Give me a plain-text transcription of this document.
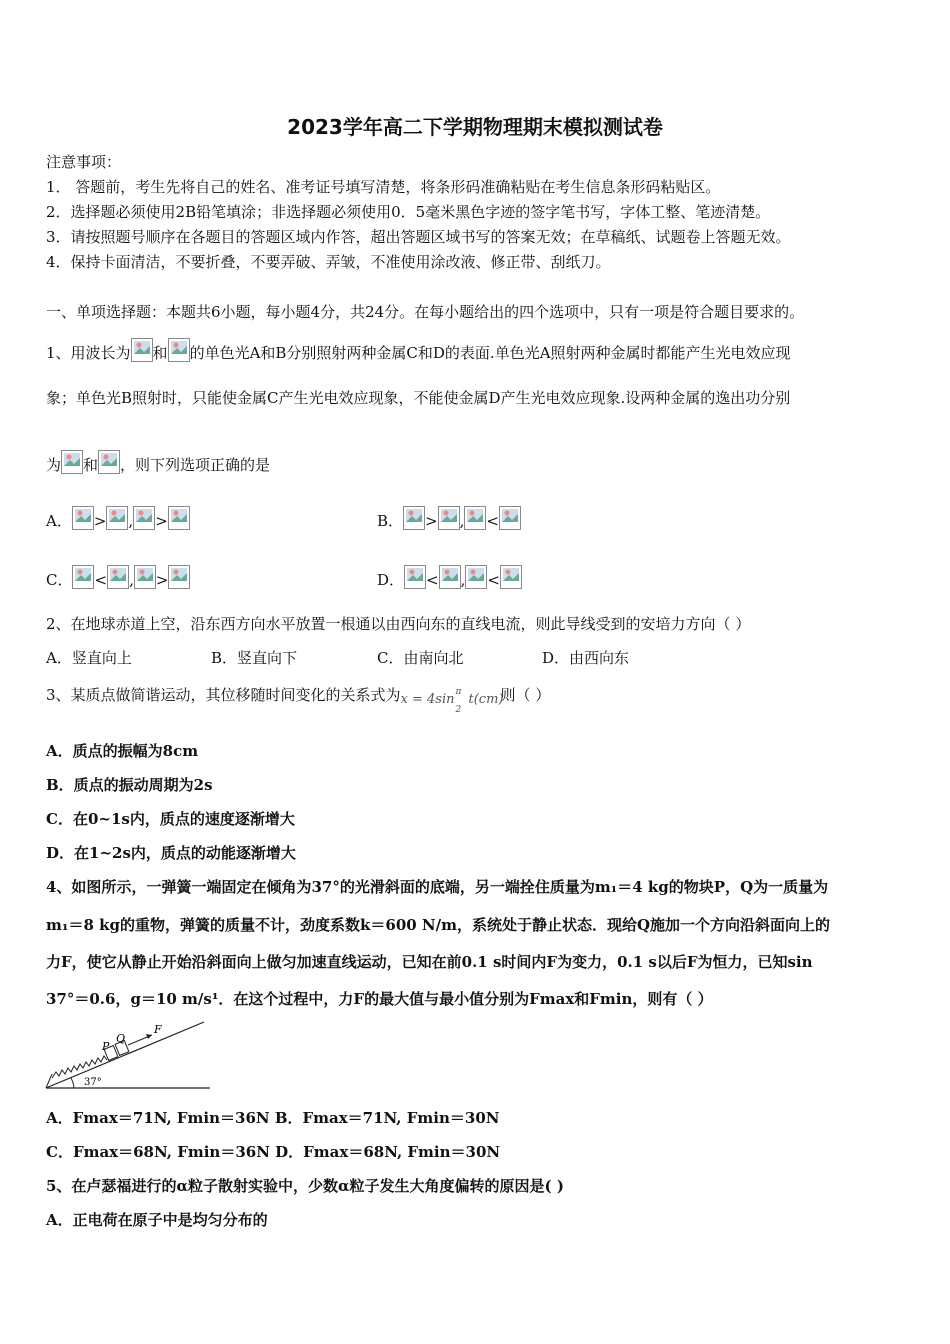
2023学年高二下学期物理期末模拟测试卷
注意事项：
1． 答题前，考生先将自己的姓名、准考证号填写清楚，将条形码准确粘贴在考生信息条形码粘贴区。
2．选择题必须使用2B铅笔填涂；非选择题必须使用0．5毫米黑色字迹的签字笔书写，字体工整、笔迹清楚。
3．请按照题号顺序在各题目的答题区域内作答，超出答题区域书写的答案无效；在草稿纸、试题卷上答题无效。
4．保持卡面清洁，不要折叠，不要弄破、弄皱，不准使用涂改液、修正带、刮纸刀。
一、单项选择题：本题共6小题，每小题4分，共24分。在每小题给出的四个选项中，只有一项是符合题目要求的。
1、用波长为 和 的单色光A和B分别照射两种金属C和D的表面.单色光A照射两种金属时都能产生光电效应现
象；单色光B照射时，只能使金属C产生光电效应现象，不能使金属D产生光电效应现象.设两种金属的逸出功分别
为 和 ，则下列选项正确的是
A． > , >	B． > , <
C． < , >	D． < , <
2、在地球赤道上空，沿东西方向水平放置一根通以由西向东的直线电流，则此导线受到的安培力方向（ ）
A．竖直向上	B．竖直向下	C．由南向北	D．由西向东
3、某质点做简谐运动，其位移随时间变化的关系式为 x = 4sin t(cm)
π
2
则（ ）
A．质点的振幅为8cm
B．质点的振动周期为2s
C．在0~1s内，质点的速度逐渐增大
D．在1~2s内，质点的动能逐渐增大
4、如图所示，一弹簧一端固定在倾角为37°的光滑斜面的底端，另一端拴住质量为m₁＝4 kg的物块P，Q为一质量为
m₁＝8 kg的重物，弹簧的质量不计，劲度系数k＝600 N/m，系统处于静止状态．现给Q施加一个方向沿斜面向上的
力F，使它从静止开始沿斜面向上做匀加速直线运动，已知在前0.1 s时间内F为变力，0.1 s以后F为恒力，已知sin
37°＝0.6，g＝10 m/s¹．在这个过程中，力F的最大值与最小值分别为Fmax和Fmin，则有（ ）
P
Q
F
37°
A．Fmax＝71N, Fmin＝36N B．Fmax＝71N, Fmin＝30N
C．Fmax＝68N, Fmin＝36N D．Fmax＝68N, Fmin＝30N
5、在卢瑟福进行的α粒子散射实验中，少数α粒子发生大角度偏转的原因是( )
A．正电荷在原子中是均匀分布的
